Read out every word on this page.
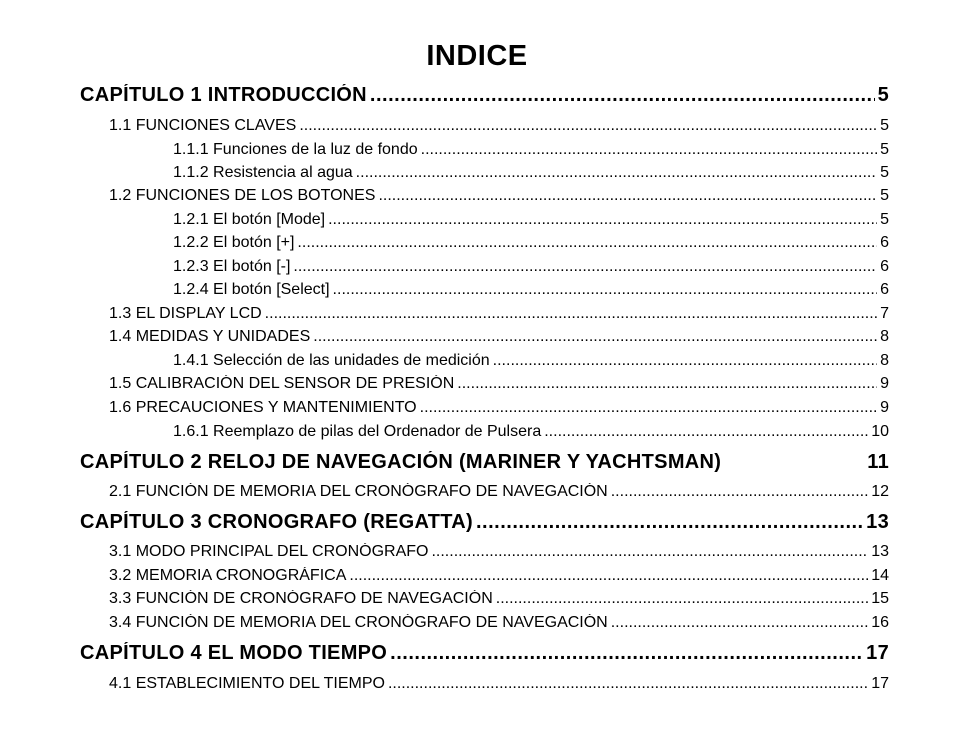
INDICE
CAPÍTULO 1 INTRODUCCIÓN .....	5
1.1 FUNCIONES CLAVES .....	5
1.1.1 Funciones de la luz de fondo .....	5
1.1.2 Resistencia al agua .....	5
1.2 FUNCIONES DE LOS BOTONES .....	5
1.2.1 El botón [Mode] .....	5
1.2.2 El botón [+] .....	6
1.2.3 El botón [-] .....	6
1.2.4 El botón [Select] .....	6
1.3 EL DISPLAY LCD .....	7
1.4 MEDIDAS Y UNIDADES .....	8
1.4.1 Selección de las unidades de medición .....	8
1.5 CALIBRACIÓN DEL SENSOR DE PRESIÓN .....	9
1.6 PRECAUCIONES Y MANTENIMIENTO .....	9
1.6.1 Reemplazo de pilas del Ordenador de Pulsera .....	10
CAPÍTULO 2 RELOJ DE NAVEGACIÓN (MARINER Y YACHTSMAN)	11
2.1 FUNCIÓN DE MEMORIA DEL CRONÓGRAFO DE NAVEGACIÓN .....	12
CAPÍTULO 3 CRONOGRAFO (REGATTA) .....	13
3.1 MODO PRINCIPAL DEL CRONÓGRAFO .....	13
3.2 MEMORIA CRONOGRÁFICA .....	14
3.3 FUNCIÓN DE CRONÓGRAFO DE NAVEGACIÓN .....	15
3.4 FUNCIÓN DE MEMORIA DEL CRONÓGRAFO DE NAVEGACIÓN .....	16
CAPÍTULO 4 EL MODO TIEMPO .....	17
4.1 ESTABLECIMIENTO DEL TIEMPO .....	17
